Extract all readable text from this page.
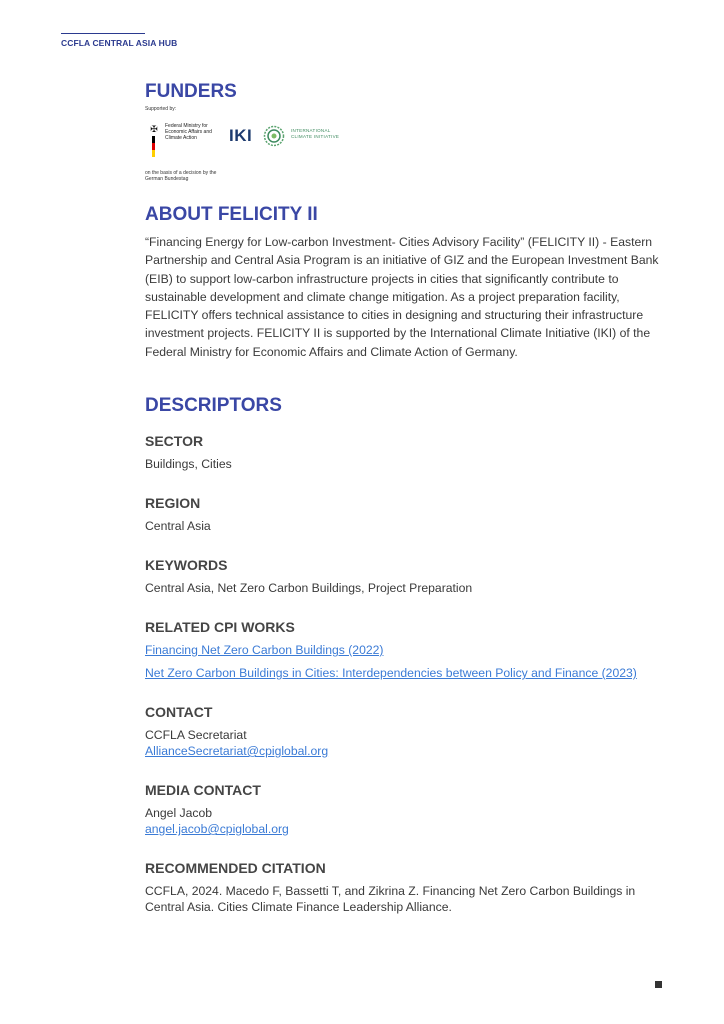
CCFLA CENTRAL ASIA HUB
FUNDERS
Supported by:
✠ Federal Ministry for Economic Affairs and Climate Action	IKI	INTERNATIONAL CLIMATE INITIATIVE
on the basis of a decision by the German Bundestag
ABOUT FELICITY II

“Financing Energy for Low-carbon Investment- Cities Advisory Facility” (FELICITY II) - Eastern Partnership and Central Asia Program is an initiative of GIZ and the European Investment Bank (EIB) to support low-carbon infrastructure projects in cities that significantly contribute to sustainable development and climate change mitigation. As a project preparation facility, FELICITY offers technical assistance to cities in designing and structuring their infrastructure investment projects. FELICITY II is supported by the International Climate Initiative (IKI) of the Federal Ministry for Economic Affairs and Climate Action of Germany.

DESCRIPTORS
SECTOR
Buildings, Cities
REGION
Central Asia
KEYWORDS
Central Asia, Net Zero Carbon Buildings, Project Preparation
RELATED CPI WORKS
Financing Net Zero Carbon Buildings (2022)
Net Zero Carbon Buildings in Cities: Interdependencies between Policy and Finance (2023)
CONTACT
CCFLA Secretariat
AllianceSecretariat@cpiglobal.org
MEDIA CONTACT
Angel Jacob
angel.jacob@cpiglobal.org
RECOMMENDED CITATION
CCFLA, 2024. Macedo F, Bassetti T, and Zikrina Z. Financing Net Zero Carbon Buildings in Central Asia. Cities Climate Finance Leadership Alliance.
